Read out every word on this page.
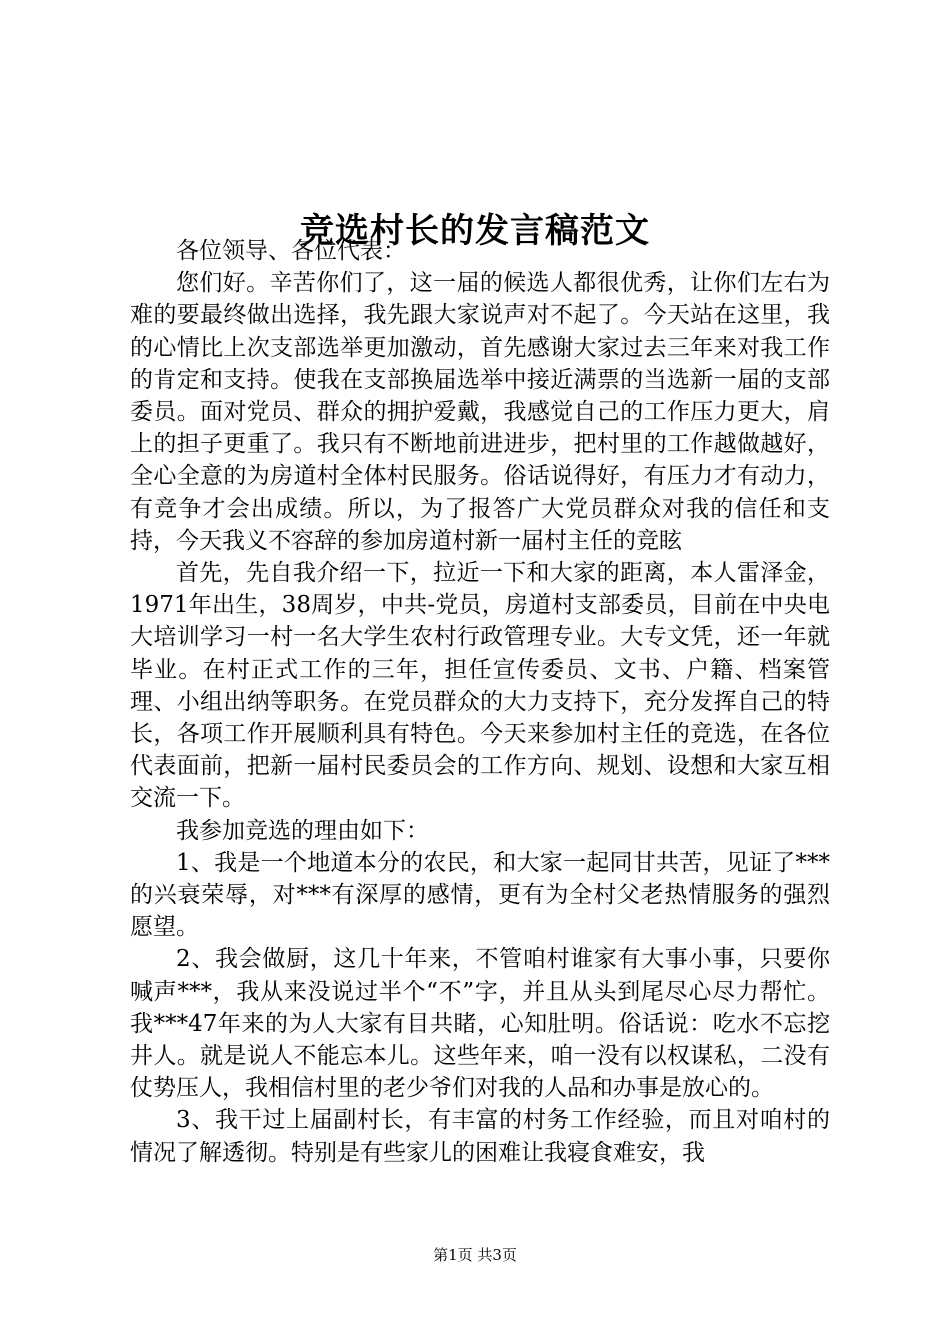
竞选村长的发言稿范文

各位领导、各位代表：

您们好。辛苦你们了，这一届的候选人都很优秀，让你们左右为难的要最终做出选择，我先跟大家说声对不起了。今天站在这里，我的心情比上次支部选举更加激动，首先感谢大家过去三年来对我工作的肯定和支持。使我在支部换届选举中接近满票的当选新一届的支部委员。面对党员、群众的拥护爱戴，我感觉自己的工作压力更大，肩上的担子更重了。我只有不断地前进进步，把村里的工作越做越好，全心全意的为房道村全体村民服务。俗话说得好，有压力才有动力，有竞争才会出成绩。所以，为了报答广大党员群众对我的信任和支持，今天我义不容辞的参加房道村新一届村主任的竞眩

首先，先自我介绍一下，拉近一下和大家的距离，本人雷泽金，1971年出生，38周岁，中共-党员，房道村支部委员，目前在中央电大培训学习一村一名大学生农村行政管理专业。大专文凭，还一年就毕业。在村正式工作的三年，担任宣传委员、文书、户籍、档案管理、小组出纳等职务。在党员群众的大力支持下，充分发挥自己的特长，各项工作开展顺利具有特色。今天来参加村主任的竞选，在各位代表面前，把新一届村民委员会的工作方向、规划、设想和大家互相交流一下。

我参加竞选的理由如下：

1、我是一个地道本分的农民，和大家一起同甘共苦，见证了***的兴衰荣辱，对***有深厚的感情，更有为全村父老热情服务的强烈愿望。

2、我会做厨，这几十年来，不管咱村谁家有大事小事，只要你喊声***，我从来没说过半个“不”字，并且从头到尾尽心尽力帮忙。我***47年来的为人大家有目共睹，心知肚明。俗话说：吃水不忘挖井人。就是说人不能忘本儿。这些年来，咱一没有以权谋私，二没有仗势压人，我相信村里的老少爷们对我的人品和办事是放心的。

3、我干过上届副村长，有丰富的村务工作经验，而且对咱村的情况了解透彻。特别是有些家儿的困难让我寝食难安，我

第1页 共3页
